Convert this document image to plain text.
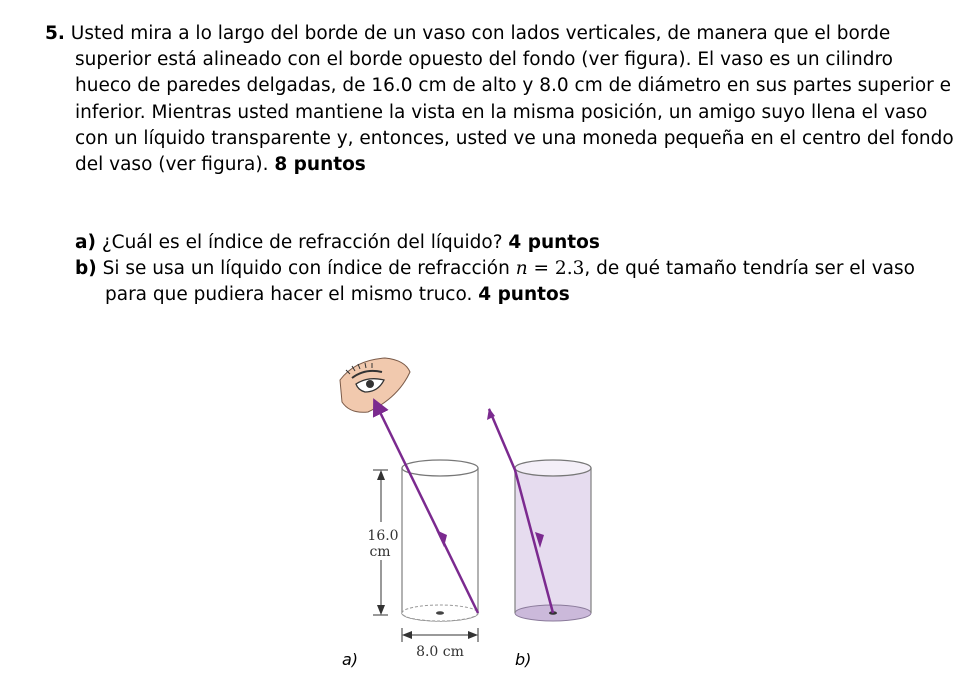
5. Usted mira a lo largo del borde de un vaso con lados verticales, de manera que el borde superior está alineado con el borde opuesto del fondo (ver figura). El vaso es un cilindro hueco de paredes delgadas, de 16.0 cm de alto y 8.0 cm de diámetro en sus partes superior e inferior. Mientras usted mantiene la vista en la misma posición, un amigo suyo llena el vaso con un líquido transparente y, entonces, usted ve una moneda pequeña en el centro del fondo del vaso (ver figura). 8 puntos

a) ¿Cuál es el índice de refracción del líquido? 4 puntos

b) Si se usa un líquido con índice de refracción n = 2.3, de qué tamaño tendría ser el vaso para que pudiera hacer el mismo truco. 4 puntos

16.0
cm
8.0 cm
a)	b)
